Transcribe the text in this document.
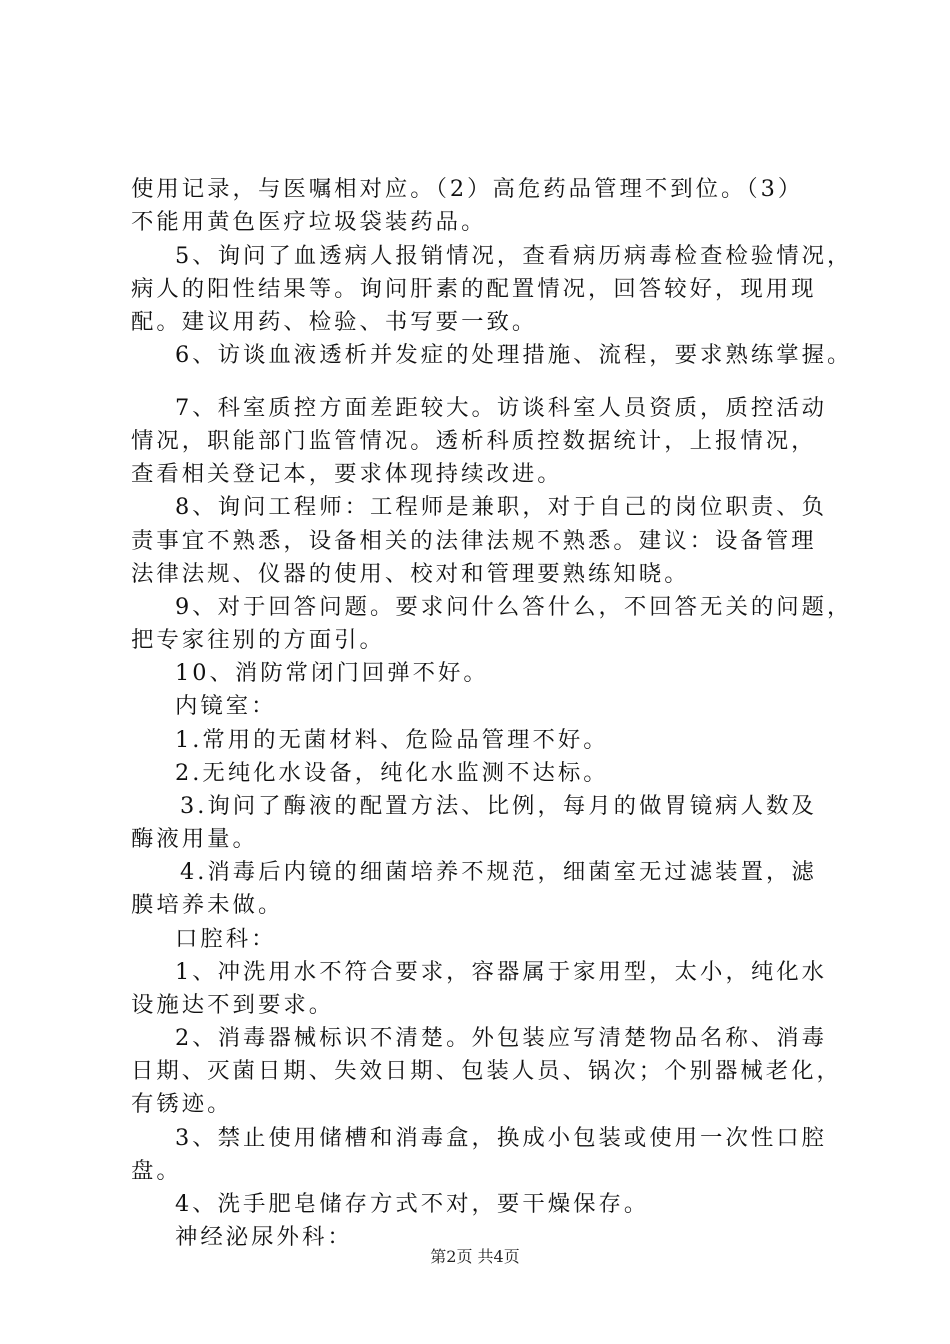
使用记录，与医嘱相对应。（2）高危药品管理不到位。（3）
不能用黄色医疗垃圾袋装药品。
5、询问了血透病人报销情况，查看病历病毒检查检验情况，
病人的阳性结果等。询问肝素的配置情况，回答较好，现用现
配。建议用药、检验、书写要一致。
6、访谈血液透析并发症的处理措施、流程，要求熟练掌握。
7、科室质控方面差距较大。访谈科室人员资质，质控活动
情况，职能部门监管情况。透析科质控数据统计，上报情况，
查看相关登记本，要求体现持续改进。
8、询问工程师：工程师是兼职，对于自己的岗位职责、负
责事宜不熟悉，设备相关的法律法规不熟悉。建议：设备管理
法律法规、仪器的使用、校对和管理要熟练知晓。
9、对于回答问题。要求问什么答什么，不回答无关的问题，
把专家往别的方面引。
10、消防常闭门回弹不好。
内镜室：
1.常用的无菌材料、危险品管理不好。
2.无纯化水设备，纯化水监测不达标。
3.询问了酶液的配置方法、比例，每月的做胃镜病人数及
酶液用量。
4.消毒后内镜的细菌培养不规范，细菌室无过滤装置，滤
膜培养未做。
口腔科：
1、冲洗用水不符合要求，容器属于家用型，太小，纯化水
设施达不到要求。
2、消毒器械标识不清楚。外包装应写清楚物品名称、消毒
日期、灭菌日期、失效日期、包装人员、锅次；个别器械老化，
有锈迹。
3、禁止使用储槽和消毒盒，换成小包装或使用一次性口腔
盘。
4、洗手肥皂储存方式不对，要干燥保存。
神经泌尿外科：
第2页 共4页
